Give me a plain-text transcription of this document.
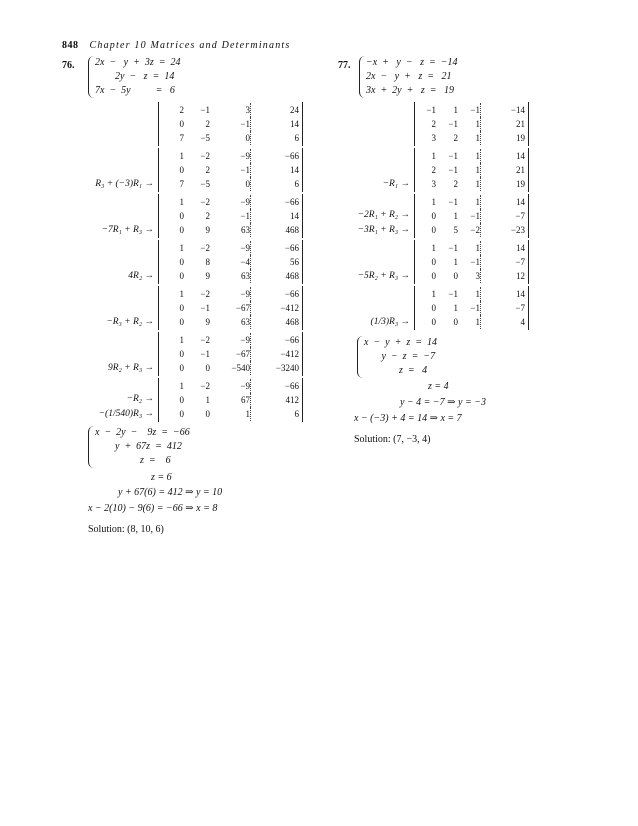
848 Chapter 10 Matrices and Determinants
76. 2x  −   y  +  3z  =  24
2y  −   z  =  14
7x  −  5y          =   6
x  −  2y  −    9z  =  −66
y  +  67z  =  412
z  =    6
z = 6
y + 67(6) = 412 ⇒ y = 10
x − 2(10) − 9(6) = −66 ⇒ x = 8
Solution: (8, 10, 6)
77. −x  +   y  −   z  =  −14
2x  −   y  +   z  =   21
3x  +  2y  +   z  =   19
x  −  y  +  z  =  14
y  −  z  =  −7
z  =   4
z = 4
y − 4 = −7 ⇒ y = −3
x − (−3) + 4 = 14 ⇒ x = 7
Solution: (7, −3, 4)
2	−1	3	24
0	2	−1	14
7	−5	0	6
1	−2	−9	−66
0	2	−1	14
7	−5	0	6
R₃ + (−3)R₁ →
1	−2	−9	−66
0	2	−1	14
0	9	63	468
−7R₁ + R₃ →
1	−2	−9	−66
0	8	−4	56
0	9	63	468
4R₂ →
1	−2	−9	−66
0	−1	−67	−412
0	9	63	468
−R₃ + R₂ →
1	−2	−9	−66
0	−1	−67	−412
0	0	−540	−3240
9R₂ + R₃ →
1	−2	−9	−66
0	1	67	412
0	0	1	6
−R₂ →
−(1/540)R₃ →
−1	1	−1	−14
2	−1	1	21
3	2	1	19
1	−1	1	14
2	−1	1	21
3	2	1	19
−R₁ →
1	−1	1	14
0	1	−1	−7
0	5	−2	−23
−2R₁ + R₂ →
−3R₁ + R₃ →
1	−1	1	14
0	1	−1	−7
0	0	3	12
−5R₂ + R₃ →
1	−1	1	14
0	1	−1	−7
0	0	1	4
(1/3)R₃ →
